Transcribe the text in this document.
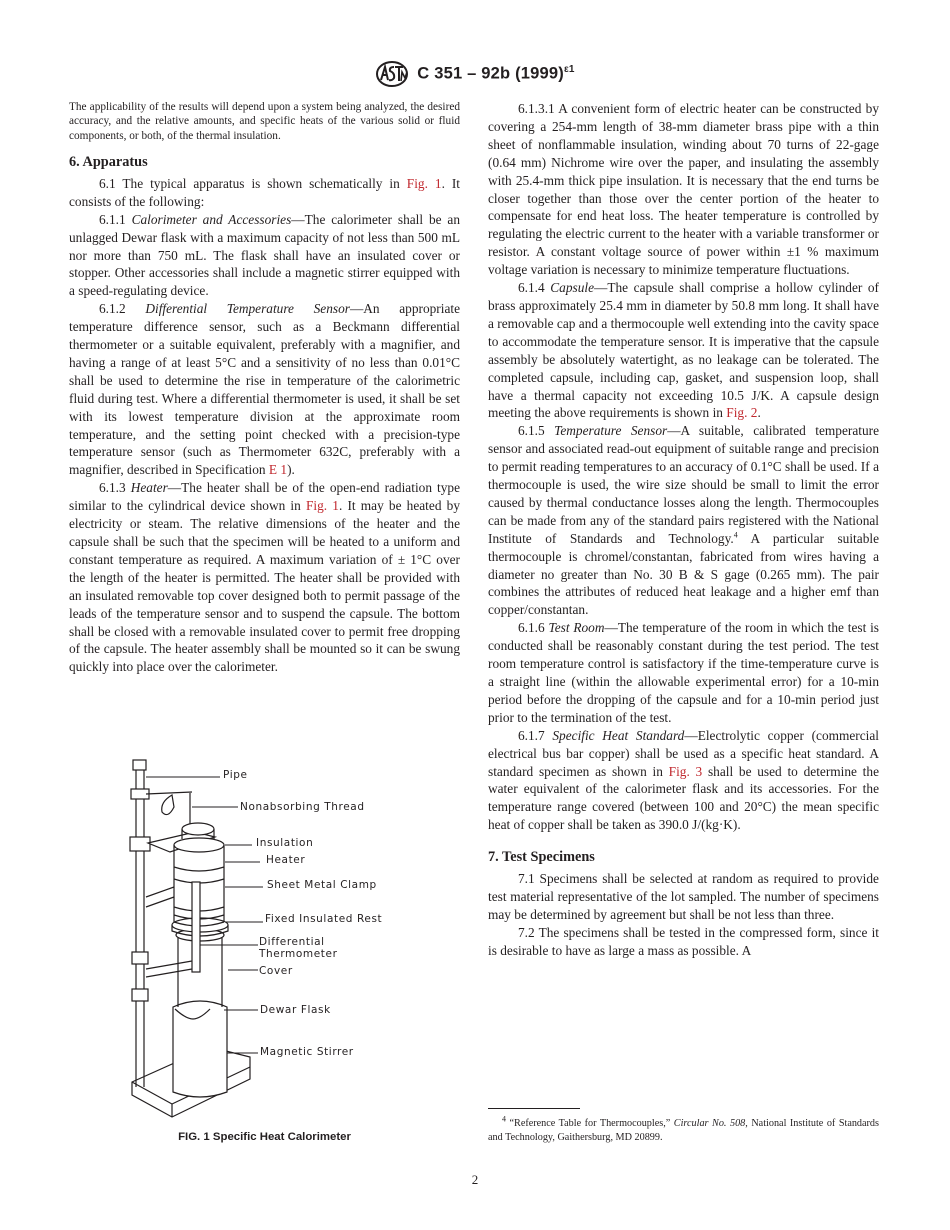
C 351 – 92b $(1999)^{\varepsilon 1}$

The applicability of the results will depend upon a system being analyzed, the desired accuracy, and the relative amounts, and specific heats of the various solid or fluid components, or both, of the thermal insulation.

6. Apparatus

6.1 The typical apparatus is shown schematically in Fig. 1. It consists of the following:

6.1.1 Calorimeter and Accessories—The calorimeter shall be an unlagged Dewar flask with a maximum capacity of not less than 500 mL nor more than 750 mL. The flask shall have an insulated cover or stopper. Other accessories shall include a magnetic stirrer equipped with a speed-regulating device.

6.1.2 Differential Temperature Sensor—An appropriate temperature difference sensor, such as a Beckmann differential thermometer or a suitable equivalent, preferably with a magnifier, and having a range of at least 5°C and a sensitivity of no less than 0.01°C shall be used to determine the rise in temperature of the calorimetric fluid during test. Where a differential thermometer is used, it shall be set with its lowest temperature division at the approximate room temperature, and the setting point checked with a precision-type temperature sensor (such as Thermometer 632C, preferably with a magnifier, described in Specification E 1).

6.1.3 Heater—The heater shall be of the open-end radiation type similar to the cylindrical device shown in Fig. 1. It may be heated by electricity or steam. The relative dimensions of the heater and the capsule shall be such that the specimen will be heated to a uniform and constant temperature as required. A maximum variation of ± 1°C over the length of the heater is permitted. The heater shall be provided with an insulated removable top cover designed both to permit passage of the leads of the temperature sensor and to suspend the capsule. The bottom shall be closed with a removable insulated cover to permit free dropping of the capsule. The heater assembly shall be mounted so it can be swung quickly into place over the calorimeter.

Pipe
Nonabsorbing Thread
Insulation
Heater
Sheet Metal Clamp
Fixed Insulated Rest
Differential Thermometer
Cover
Dewar Flask
Magnetic Stirrer
FIG. 1 Specific Heat Calorimeter

6.1.3.1 A convenient form of electric heater can be constructed by covering a 254-mm length of 38-mm diameter brass pipe with a thin sheet of nonflammable insulation, winding about 70 turns of 22-gage (0.64 mm) Nichrome wire over the paper, and insulating the assembly with 25.4-mm thick pipe insulation. It is necessary that the end turns be closer together than those over the center portion of the heater to compensate for end heat loss. The heater temperature is controlled by regulating the electric current to the heater with a variable transformer or resistor. A constant voltage source of power within ±1 % maximum voltage variation is necessary to minimize temperature fluctuations.

6.1.4 Capsule—The capsule shall comprise a hollow cylinder of brass approximately 25.4 mm in diameter by 50.8 mm long. It shall have a removable cap and a thermocouple well extending into the cavity space to accommodate the temperature sensor. It is imperative that the capsule assembly be absolutely watertight, as no leakage can be tolerated. The completed capsule, including cap, gasket, and suspension loop, shall have a thermal capacity not exceeding 10.5 J/K. A capsule design meeting the above requirements is shown in Fig. 2.

6.1.5 Temperature Sensor—A suitable, calibrated temperature sensor and associated read-out equipment of suitable range and precision to permit reading temperatures to an accuracy of 0.1°C shall be used. If a thermocouple is used, the wire size should be small to limit the error caused by thermal conductance losses along the length. Thermocouples can be made from any of the standard pairs registered with the National Institute of Standards and Technology.$^4$ A particular suitable thermocouple is chromel/constantan, fabricated from wires having a diameter no greater than No. 30 B & S gage (0.265 mm). The pair combines the attributes of reduced heat leakage and a higher emf than copper/constantan.

6.1.6 Test Room—The temperature of the room in which the test is conducted shall be reasonably constant during the test period. The test room temperature control is satisfactory if the time-temperature curve is a straight line (within the allowable experimental error) for a 10-min period before the dropping of the capsule and for a 10-min period just prior to the termination of the test.

6.1.7 Specific Heat Standard—Electrolytic copper (commercial electrical bus bar copper) shall be used as a specific heat standard. A standard specimen as shown in Fig. 3 shall be used to determine the water equivalent of the calorimeter flask and its accessories. For the temperature range covered (between 100 and 20°C) the mean specific heat of copper shall be taken as 390.0 J/(kg·K).

7. Test Specimens

7.1 Specimens shall be selected at random as required to provide test material representative of the lot sampled. The number of specimens may be determined by agreement but shall be not less than three.

7.2 The specimens shall be tested in the compressed form, since it is desirable to have as large a mass as possible. A

$^4$ “Reference Table for Thermocouples,” Circular No. 508, National Institute of Standards and Technology, Gaithersburg, MD 20899.

2
